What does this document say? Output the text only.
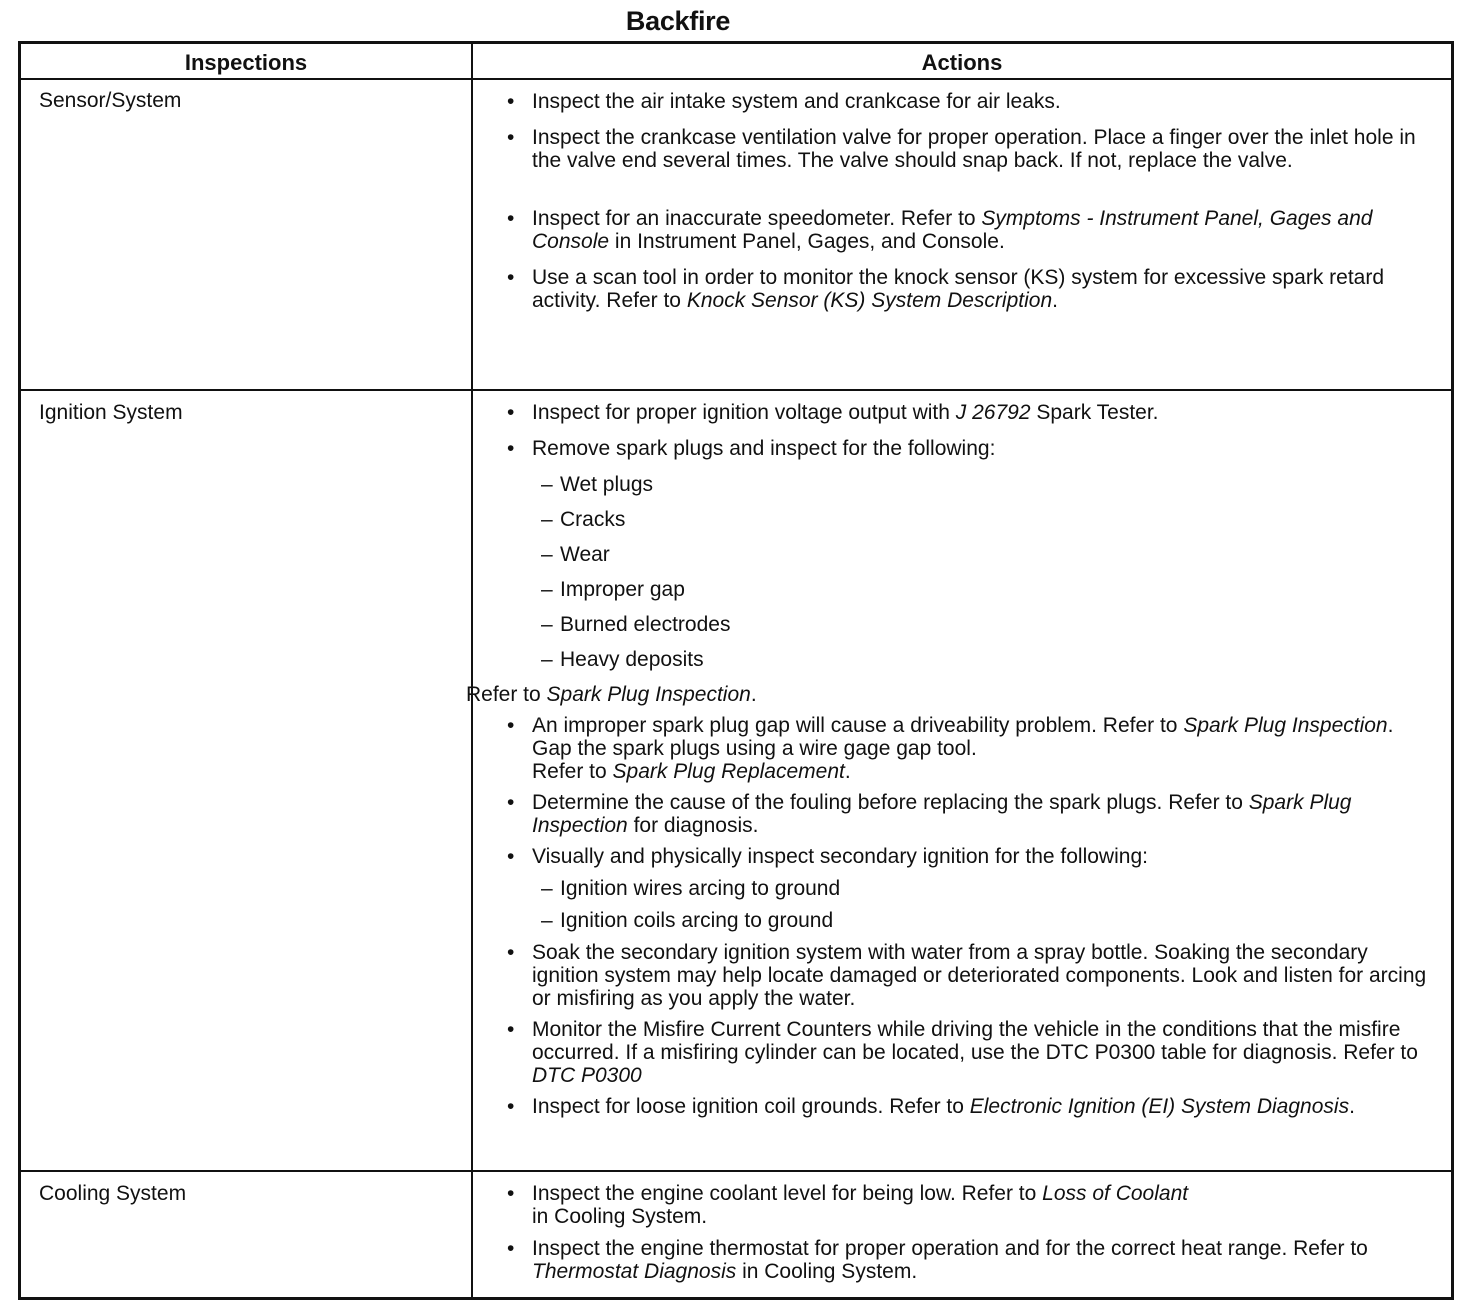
Backfire
Inspections	Actions
Sensor/System	• Inspect the air intake system and crankcase for air leaks.

• Inspect the crankcase ventilation valve for proper operation. Place a finger over the inlet hole in the valve end several times. The valve should snap back. If not, replace the valve.

• Inspect for an inaccurate speedometer. Refer to Symptoms - Instrument Panel, Gages and Console in Instrument Panel, Gages, and Console.

• Use a scan tool in order to monitor the knock sensor (KS) system for excessive spark retard activity. Refer to Knock Sensor (KS) System Description.

Ignition System	• Inspect for proper ignition voltage output with J 26792 Spark Tester.

• Remove spark plugs and inspect for the following:

– Wet plugs
– Cracks
– Wear
– Improper gap
– Burned electrodes
– Heavy deposits
Refer to Spark Plug Inspection.

• An improper spark plug gap will cause a driveability problem. Refer to Spark Plug Inspection. Gap the spark plugs using a wire gage gap tool.
Refer to Spark Plug Replacement.

• Determine the cause of the fouling before replacing the spark plugs. Refer to Spark Plug Inspection for diagnosis.

• Visually and physically inspect secondary ignition for the following:

– Ignition wires arcing to ground
– Ignition coils arcing to ground

• Soak the secondary ignition system with water from a spray bottle. Soaking the secondary ignition system may help locate damaged or deteriorated components. Look and listen for arcing or misfiring as you apply the water.

• Monitor the Misfire Current Counters while driving the vehicle in the conditions that the misfire occurred. If a misfiring cylinder can be located, use the DTC P0300 table for diagnosis. Refer to DTC P0300

• Inspect for loose ignition coil grounds. Refer to Electronic Ignition (EI) System Diagnosis.

Cooling System	• Inspect the engine coolant level for being low. Refer to Loss of Coolant
in Cooling System.

• Inspect the engine thermostat for proper operation and for the correct heat range. Refer to Thermostat Diagnosis in Cooling System.
